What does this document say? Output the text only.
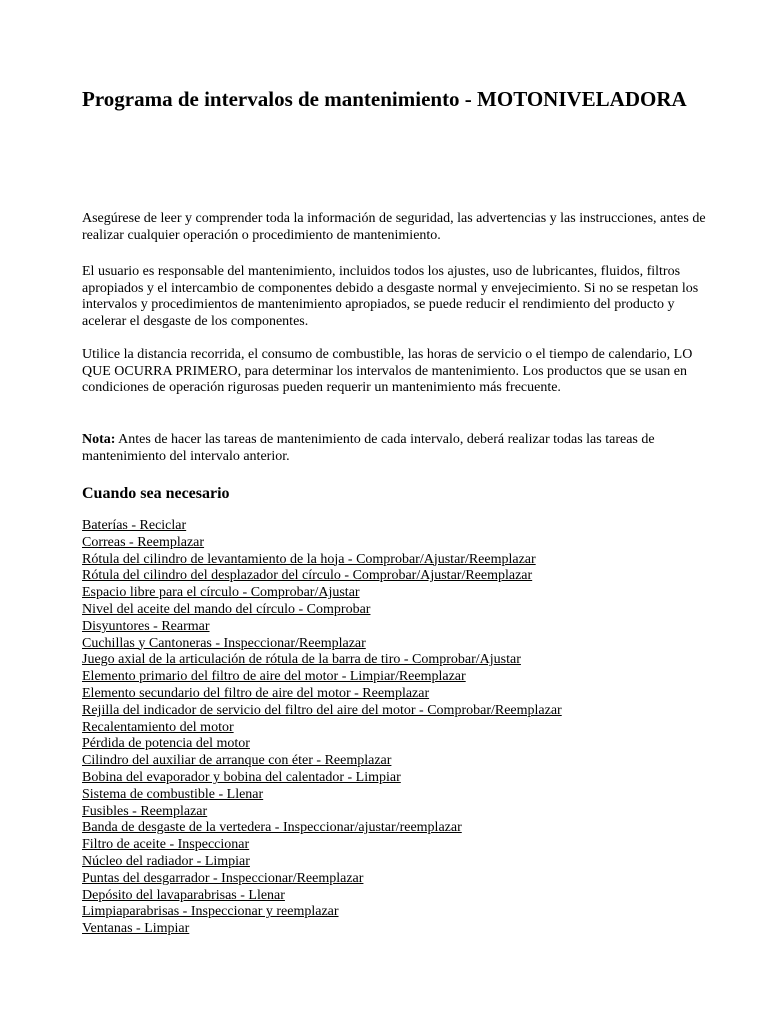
Programa de intervalos de mantenimiento - MOTONIVELADORA

Asegúrese de leer y comprender toda la información de seguridad, las advertencias y las instrucciones, antes de realizar cualquier operación o procedimiento de mantenimiento.

El usuario es responsable del mantenimiento, incluidos todos los ajustes, uso de lubricantes, fluidos, filtros apropiados y el intercambio de componentes debido a desgaste normal y envejecimiento. Si no se respetan los intervalos y procedimientos de mantenimiento apropiados, se puede reducir el rendimiento del producto y acelerar el desgaste de los componentes.

Utilice la distancia recorrida, el consumo de combustible, las horas de servicio o el tiempo de calendario, LO QUE OCURRA PRIMERO, para determinar los intervalos de mantenimiento. Los productos que se usan en condiciones de operación rigurosas pueden requerir un mantenimiento más frecuente.

Nota: Antes de hacer las tareas de mantenimiento de cada intervalo, deberá realizar todas las tareas de mantenimiento del intervalo anterior.

Cuando sea necesario
Baterías - Reciclar
Correas - Reemplazar
Rótula del cilindro de levantamiento de la hoja - Comprobar/Ajustar/Reemplazar
Rótula del cilindro del desplazador del círculo - Comprobar/Ajustar/Reemplazar
Espacio libre para el círculo - Comprobar/Ajustar
Nivel del aceite del mando del círculo - Comprobar
Disyuntores - Rearmar
Cuchillas y Cantoneras - Inspeccionar/Reemplazar
Juego axial de la articulación de rótula de la barra de tiro - Comprobar/Ajustar
Elemento primario del filtro de aire del motor - Limpiar/Reemplazar
Elemento secundario del filtro de aire del motor - Reemplazar
Rejilla del indicador de servicio del filtro del aire del motor - Comprobar/Reemplazar
Recalentamiento del motor
Pérdida de potencia del motor
Cilindro del auxiliar de arranque con éter - Reemplazar
Bobina del evaporador y bobina del calentador - Limpiar
Sistema de combustible - Llenar
Fusibles - Reemplazar
Banda de desgaste de la vertedera - Inspeccionar/ajustar/reemplazar
Filtro de aceite - Inspeccionar
Núcleo del radiador - Limpiar
Puntas del desgarrador - Inspeccionar/Reemplazar
Depósito del lavaparabrisas - Llenar
Limpiaparabrisas - Inspeccionar y reemplazar
Ventanas - Limpiar
